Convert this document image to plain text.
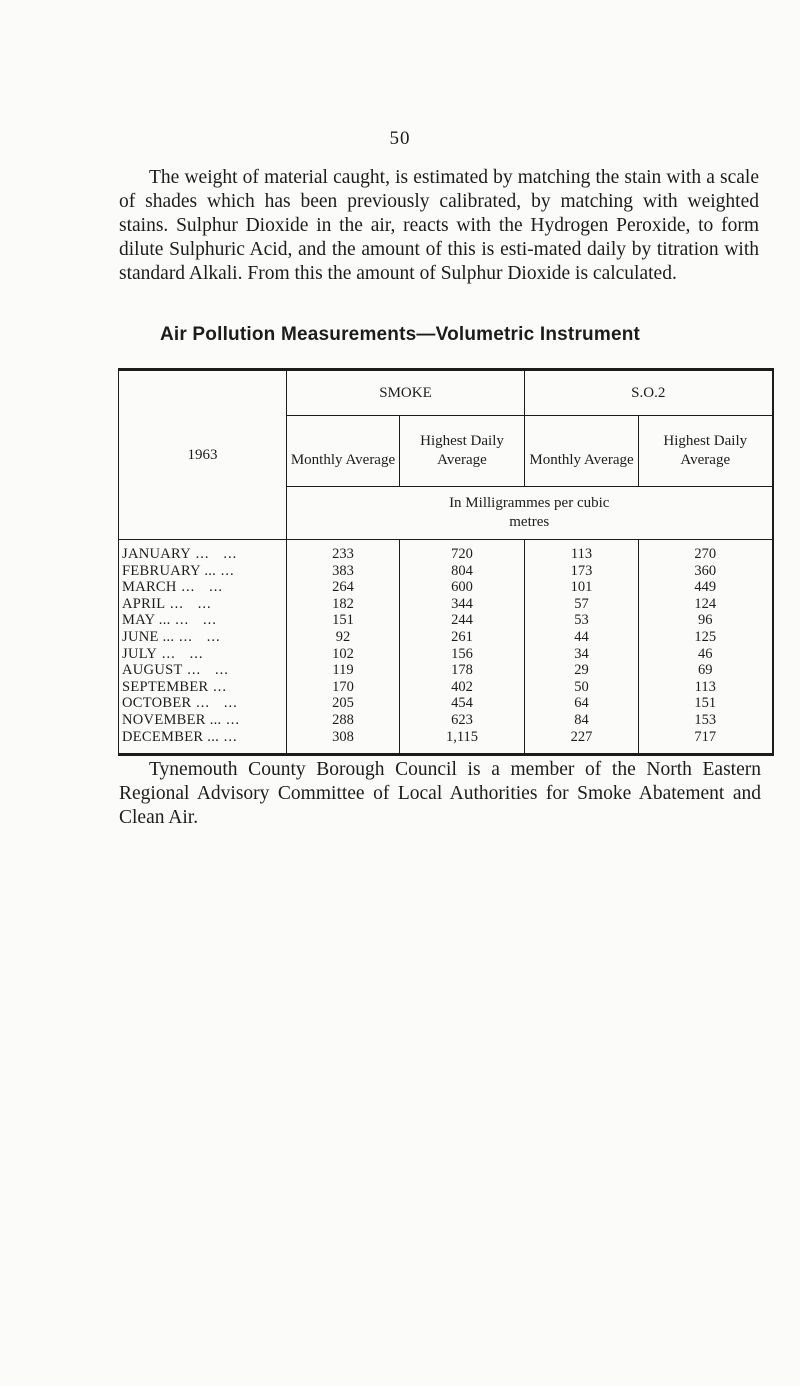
50

The weight of material caught, is estimated by matching the stain with a scale of shades which has been previously calibrated, by matching with weighted stains. Sulphur Dioxide in the air, reacts with the Hydrogen Peroxide, to form dilute Sulphuric Acid, and the amount of this is esti-mated daily by titration with standard Alkali. From this the amount of Sulphur Dioxide is calculated.

Air Pollution Measurements—Volumetric Instrument
1963	SMOKE		S.O.2	

Monthly Average	Highest Daily Average	Monthly Average	Highest Daily Average
	In Milligrammes per cubic
metres			
JANUARY ...   ...	233	720	113	270
FEBRUARY ... ...	383	804	173	360
MARCH ...   ...	264	600	101	449
APRIL ...   ...	182	344	57	124
MAY ... ...   ...	151	244	53	96
JUNE ... ...   ...	92	261	44	125
JULY ...   ...	102	156	34	46
AUGUST ...   ...	119	178	29	69
SEPTEMBER ...	170	402	50	113
OCTOBER ...   ...	205	454	64	151
NOVEMBER ... ...	288	623	84	153
DECEMBER ... ...	308	1,115	227	717

Tynemouth County Borough Council is a member of the North Eastern Regional Advisory Committee of Local Authorities for Smoke Abatement and Clean Air.
